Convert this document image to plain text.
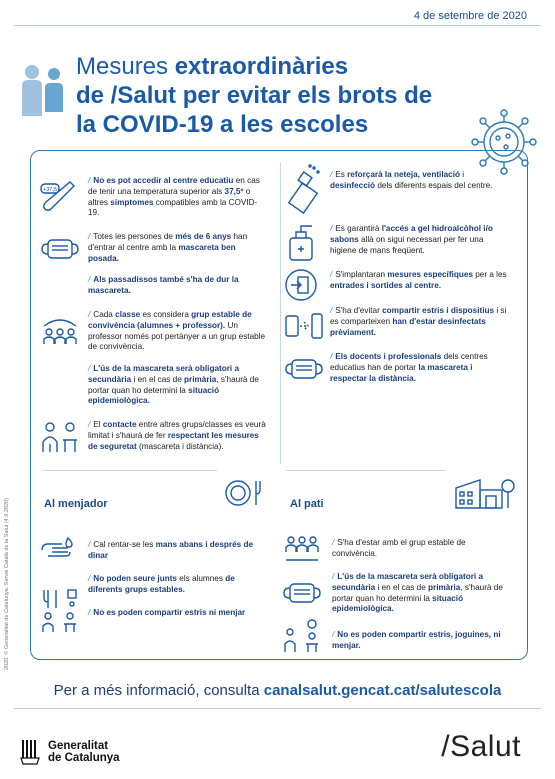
4 de setembre de 2020
Mesures extraordinàries
de /Salut per evitar els brots de
la COVID-19 a les escoles
+37,5
/ No es pot accedir al centre educatiu en cas de tenir una temperatura superior als 37,5º o altres simptomes compatibles amb la COVID-19.
/ Totes les persones de més de 6 anys han d'entrar al centre amb la mascareta ben posada.
/ Als passadissos també s'ha de dur la mascareta.
/ Cada classe es considera grup estable de convivència (alumnes + professor). Un professor només pot pertànyer a un grup estable de convivència.
/ L'ús de la mascareta serà obligatori a secundària i en el cas de primària, s'haurà de portar quan ho determini la situació epidemiològica.
/ El contacte entre altres grups/classes es veurà limitat i s'haurà de fer respectant les mesures de seguretat (mascareta i distància).
/ Es reforçarà la neteja, ventilació i desinfecció dels diferents espais del centre.
/ Es garantirà l'accés a gel hidroalcòhol i/o sabons allà on sigui necessari per fer una higiene de mans freqüent.
/ S'implantaran mesures específiques per a les entrades i sortides al centre.
/ S'ha d'evitar compartir estris i dispositius i si es comparteixen han d'estar desinfectats prèviament.
/ Els docents i professionals dels centres educatius han de portar la mascareta i respectar la distància.
Al menjador	Al pati
/ Cal rentar-se les mans abans i després de dinar
/ No poden seure junts els alumnes de diferents grups estables.
/ No es poden compartir estris ni menjar
/ S'ha d'estar amb el grup estable de convivència.
/ L'ús de la mascareta serà obligatori a secundària i en el cas de primària, s'haurà de portar quan ho determini la situació epidemiològica.
/ No es poden compartir estris, joguines, ni menjar.
2020. © Generalitat de Catalunya. Servei Català de la Salut (4.9.2020)
Per a més informació, consulta canalsalut.gencat.cat/salutescola
Generalitat
de Catalunya	/Salut
